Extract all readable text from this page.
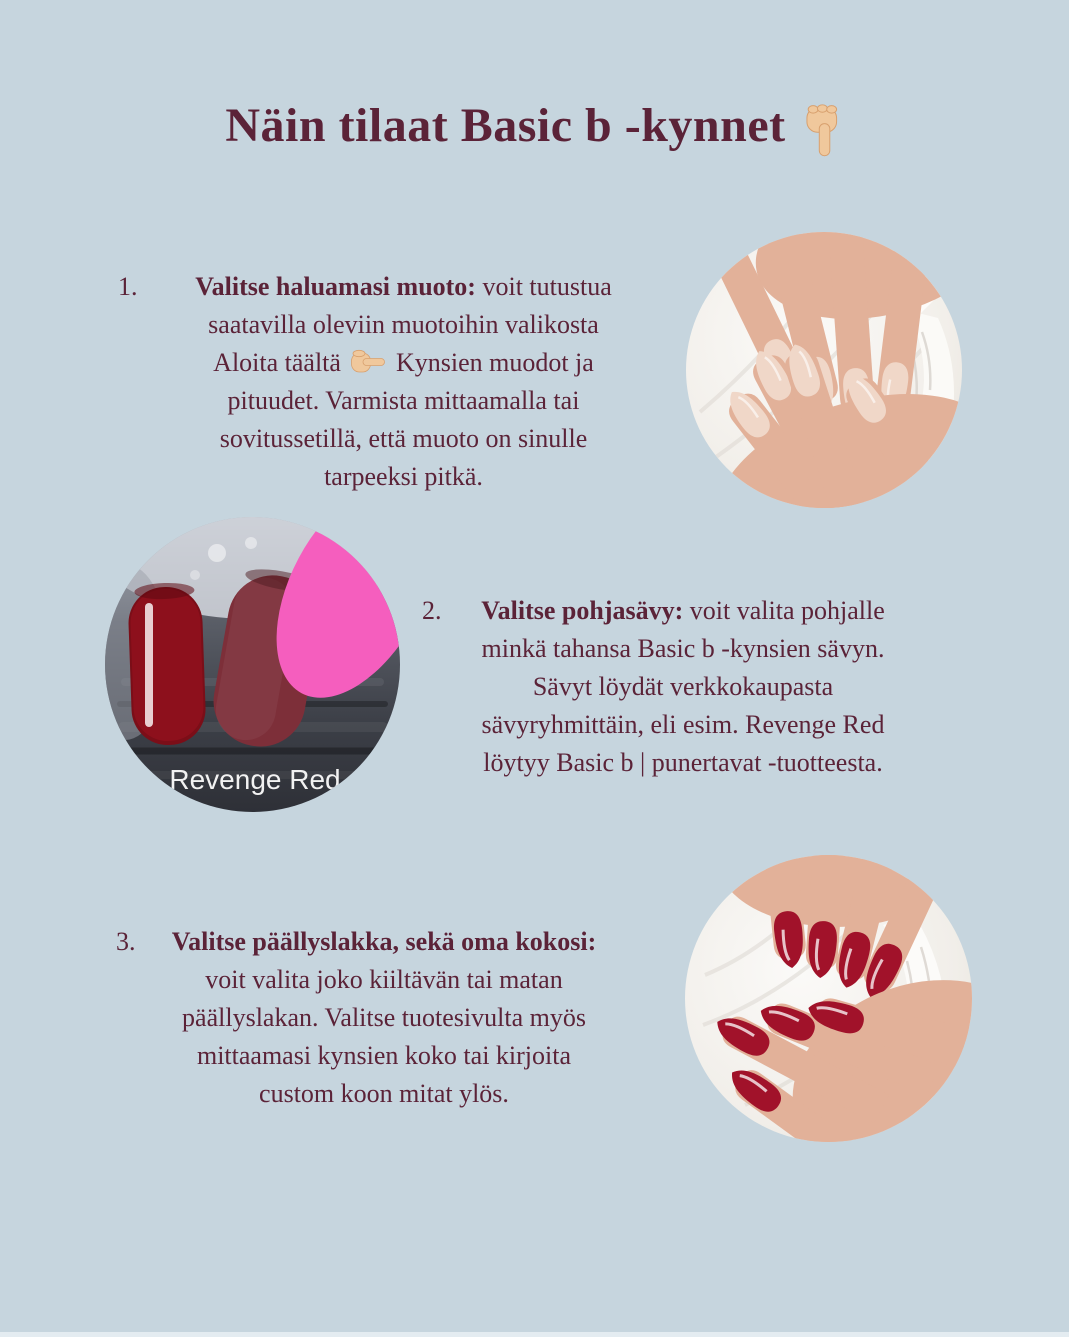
Näin tilaat Basic b -kynnet
1.	Valitse haluamasi muoto: voit tutustua
saatavilla oleviin muotoihin valikosta
Aloita täältä  Kynsien muodot ja
pituudet. Varmista mittaamalla tai
sovitussetillä, että muoto on sinulle
tarpeeksi pitkä.
Revenge Red
2.	Valitse pohjasävy: voit valita pohjalle
minkä tahansa Basic b -kynsien sävyn.
Sävyt löydät verkkokaupasta
sävyryhmittäin, eli esim. Revenge Red
löytyy Basic b | punertavat -tuotteesta.
3.	Valitse päällyslakka, sekä oma kokosi:
voit valita joko kiiltävän tai matan
päällyslakan. Valitse tuotesivulta myös
mittaamasi kynsien koko tai kirjoita
custom koon mitat ylös.
